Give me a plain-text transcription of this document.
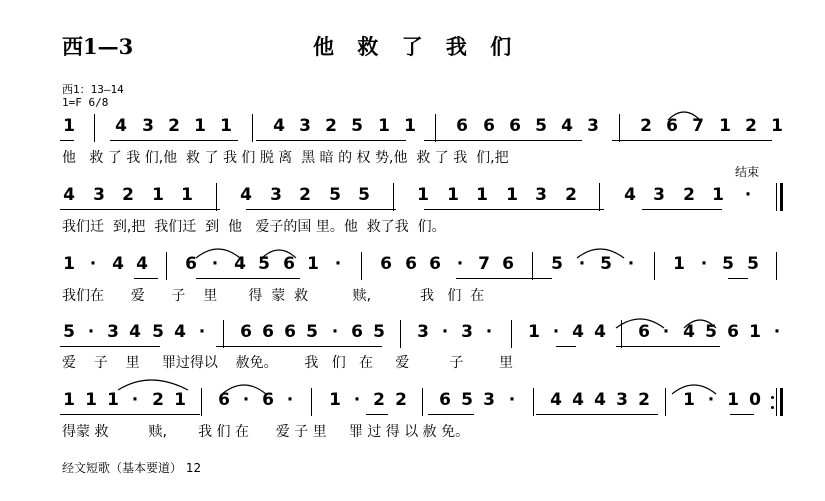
西1—3	他 救 了 我 们
西1：13—14
1=F 6/8
结束
1 4 3 2 1 1 4 3 2 5 1 1 6 6 6 5 4 3 2 6 7 1 2 1
他   救 了 我 们,他  救 了 我 们 脱 离  黑 暗 的 权 势,他  救 了 我  们,把
4 3 2 1 1	4 3 2 5 5	1 1 1 1 3 2	4 3 2 1 ·
我们迁  到,把  我们迁  到  他   爱子的国 里。他  救了我  们。
1 · 4 4 6 · 4 5 6 1 · 6 6 6 · 7 6 5 · 5 · 1 · 5 5
我们在      爱      子    里       得  蒙  救          赎,           我   们  在
5 · 3 4 5 4 · 6 6 6 5 · 6 5 3 · 3 · 1 · 4 4 6 · 4 5 6 1 ·
爱    子    里     罪过得以    赦免。      我   们   在     爱         子        里
1 1 1 · 2 1 6 · 6 · 1 · 2 2 6 5 3 · 4 4 4 3 2 1 · 1 0
得蒙 救         赎,       我 们 在      爱 子 里     罪 过 得 以 赦 免。
经文短歌（基本要道） 12
